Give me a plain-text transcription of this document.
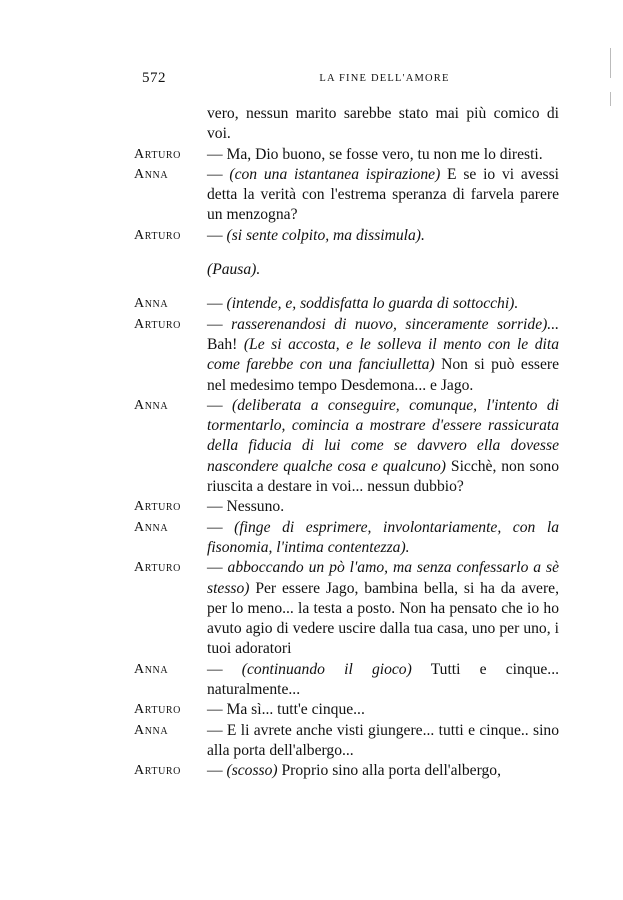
572	LA FINE DELL'AMORE
vero, nessun marito sarebbe stato mai più comico di voi.
Arturo	— Ma, Dio buono, se fosse vero, tu non me lo diresti.
Anna	— (con una istantanea ispirazione) E se io vi avessi detta la verità con l'estrema speranza di farvela parere un menzogna?
Arturo	— (si sente colpito, ma dissimula).
(Pausa).
Anna	— (intende, e, soddisfatta lo guarda di sottocchi).
Arturo	— rasserenandosi di nuovo, sinceramente sorride)... Bah! (Le si accosta, e le solleva il mento con le dita come farebbe con una fanciulletta) Non si può essere nel medesimo tempo Desdemona... e Jago.
Anna	— (deliberata a conseguire, comunque, l'intento di tormentarlo, comincia a mostrare d'essere rassicurata della fiducia di lui come se davvero ella dovesse nascondere qualche cosa e qualcuno) Sicchè, non sono riuscita a destare in voi... nessun dubbio?
Arturo	— Nessuno.
Anna	— (finge di esprimere, involontariamente, con la fisonomia, l'intima contentezza).
Arturo	— abboccando un pò l'amo, ma senza confessarlo a sè stesso) Per essere Jago, bambina bella, si ha da avere, per lo meno... la testa a posto. Non ha pensato che io ho avuto agio di vedere uscire dalla tua casa, uno per uno, i tuoi adoratori
Anna	— (continuando il gioco) Tutti e cinque... naturalmente...
Arturo	— Ma sì... tutt'e cinque...
Anna	— E li avrete anche visti giungere... tutti e cinque.. sino alla porta dell'albergo...
Arturo	— (scosso) Proprio sino alla porta dell'albergo,
